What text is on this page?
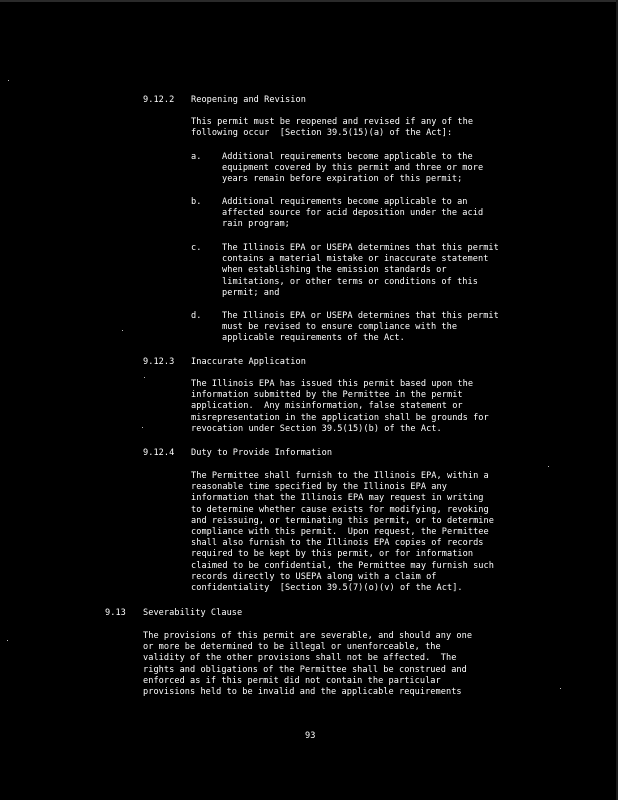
9.12.2 Reopening and Revision
This permit must be reopened and revised if any of the
following occur  [Section 39.5(15)(a) of the Act]:
a. Additional requirements become applicable to the
equipment covered by this permit and three or more
years remain before expiration of this permit;
b. Additional requirements become applicable to an
affected source for acid deposition under the acid
rain program;
c. The Illinois EPA or USEPA determines that this permit
contains a material mistake or inaccurate statement
when establishing the emission standards or
limitations, or other terms or conditions of this
permit; and
d. The Illinois EPA or USEPA determines that this permit
must be revised to ensure compliance with the
applicable requirements of the Act.
9.12.3 Inaccurate Application
The Illinois EPA has issued this permit based upon the
information submitted by the Permittee in the permit
application.  Any misinformation, false statement or
misrepresentation in the application shall be grounds for
revocation under Section 39.5(15)(b) of the Act.
9.12.4 Duty to Provide Information
The Permittee shall furnish to the Illinois EPA, within a
reasonable time specified by the Illinois EPA any
information that the Illinois EPA may request in writing
to determine whether cause exists for modifying, revoking
and reissuing, or terminating this permit, or to determine
compliance with this permit.  Upon request, the Permittee
shall also furnish to the Illinois EPA copies of records
required to be kept by this permit, or for information
claimed to be confidential, the Permittee may furnish such
records directly to USEPA along with a claim of
confidentiality  [Section 39.5(7)(o)(v) of the Act].
9.13 Severability Clause
The provisions of this permit are severable, and should any one
or more be determined to be illegal or unenforceable, the
validity of the other provisions shall not be affected.  The
rights and obligations of the Permittee shall be construed and
enforced as if this permit did not contain the particular
provisions held to be invalid and the applicable requirements
93
